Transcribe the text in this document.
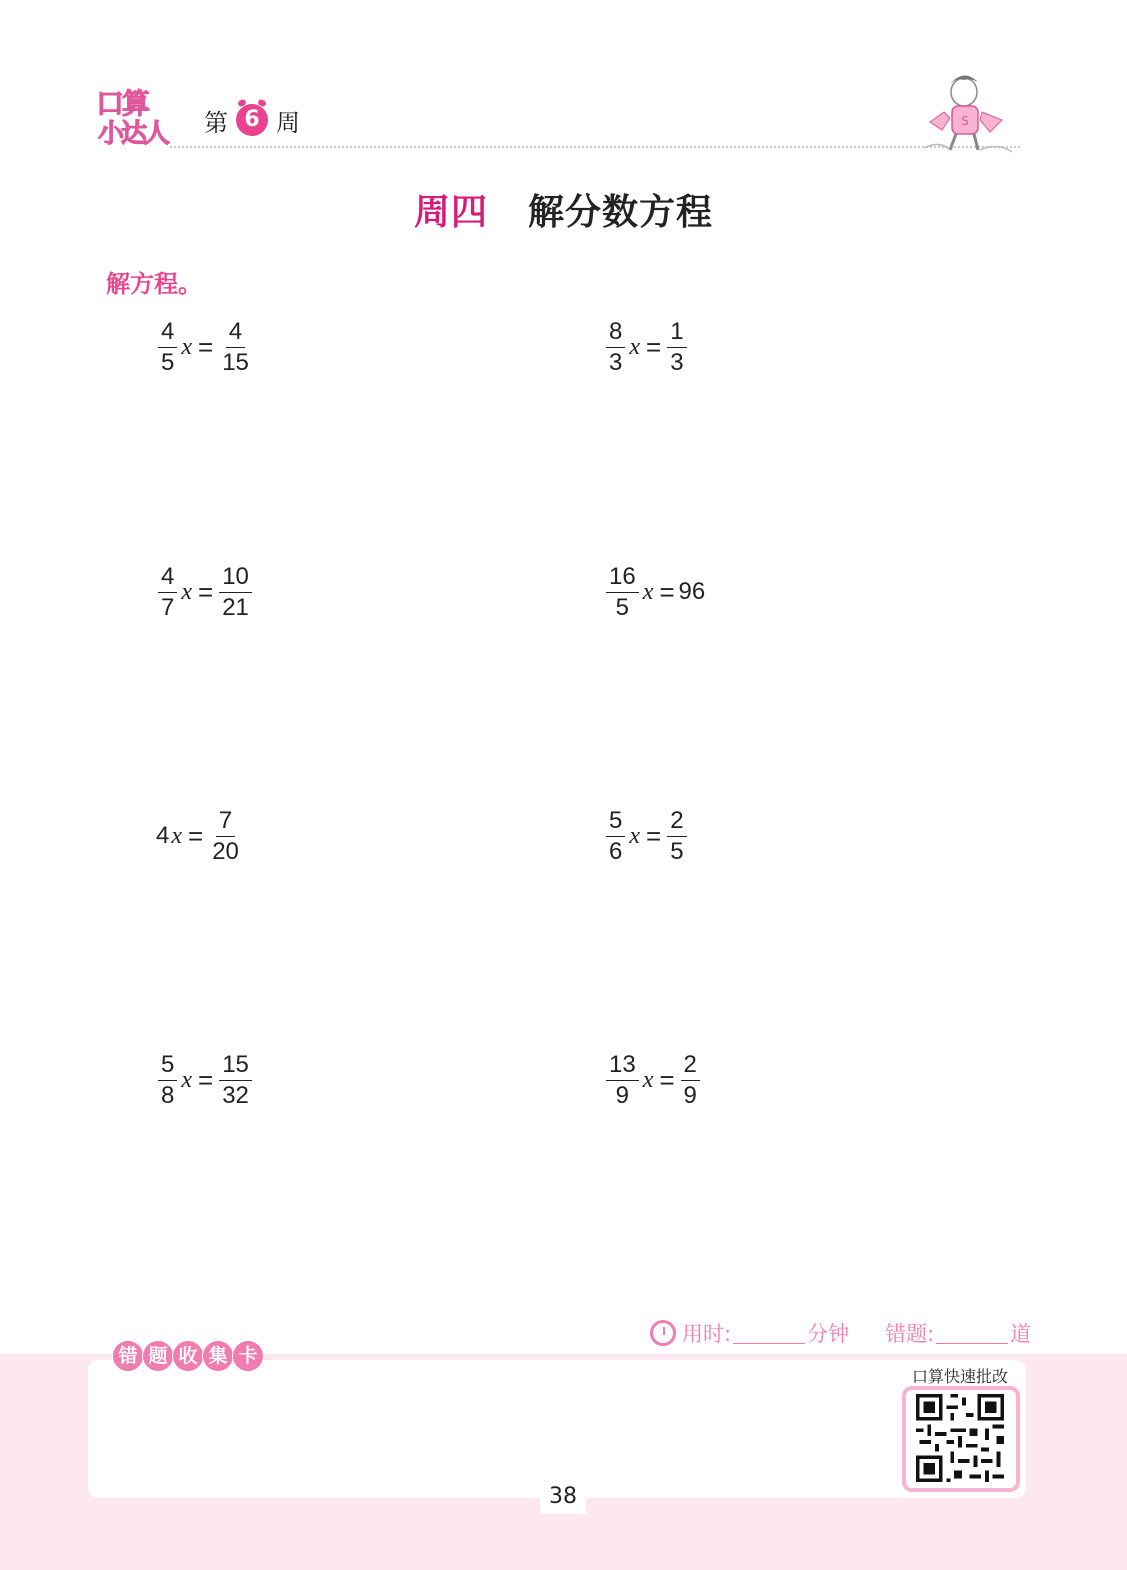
口算
小达人 第 6 周	S
周四 解分数方程
解方程。
$\frac{4}{5}$ $x = \frac{4}{15}$	$\frac{8}{3}$ $x = \frac{1}{3}$
$\frac{4}{7}$ $x = \frac{10}{21}$	$\frac{16}{5}$ x = 96
4 $x = \frac{7}{20}$	$\frac{5}{6}$ $x = \frac{2}{5}$
$\frac{5}{8}$ $x = \frac{15}{32}$	$\frac{13}{9}$ $x = \frac{2}{9}$
用时:	分钟 错题:	道
错 题 收 集 卡
口算快速批改
38
